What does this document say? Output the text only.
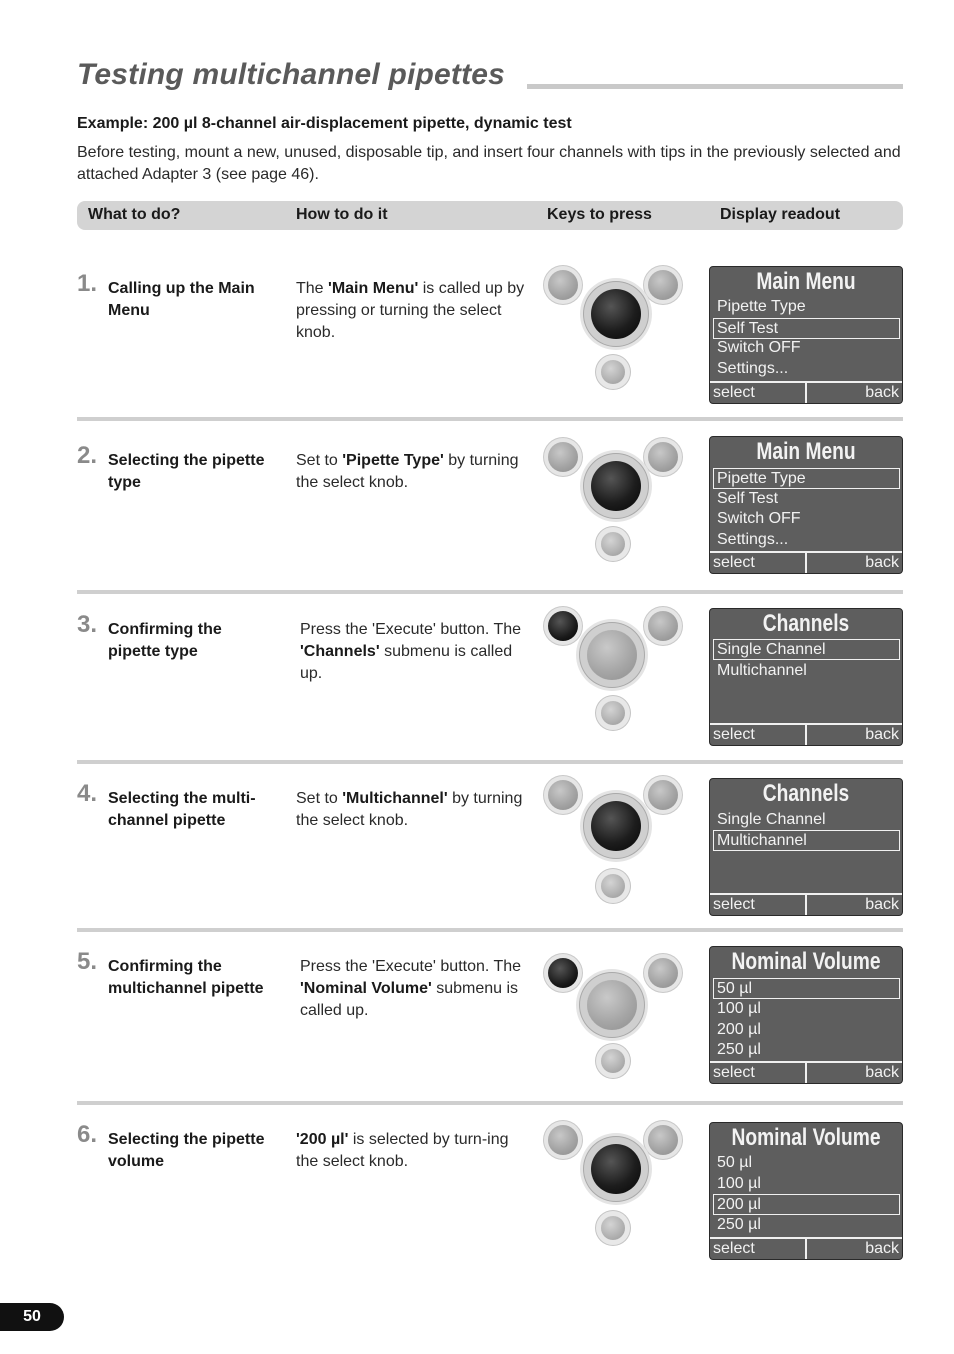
Testing multichannel pipettes
Example: 200 µl 8-channel air-displacement pipette, dynamic test
Before testing, mount a new, unused, disposable tip, and insert four channels with tips in the previously selected and attached Adapter 3 (see page 46).
What to do?	How to do it	Keys to press	Display readout
1. Calling up the Main Menu
The 'Main Menu' is called up by pressing or turning the select knob.
Main Menu
Pipette Type
Self Test
Switch OFF
Settings...
select	back
2. Selecting the pipette type
Set to 'Pipette Type' by turning the select knob.
Main Menu
Pipette Type
Self Test
Switch OFF
Settings...
select	back
3. Confirming the pipette type
Press the 'Execute' button. The 'Channels' submenu is called up.
Channels
Single Channel
Multichannel
select	back
4. Selecting the multi-channel pipette
Set to 'Multichannel' by turning the select knob.
Channels
Single Channel
Multichannel
select	back
5. Confirming the multichannel pipette
Press the 'Execute' button. The 'Nominal Volume' submenu is called up.
Nominal Volume
50 µl
100 µl
200 µl
250 µl
select	back
6. Selecting the pipette volume
'200 µl' is selected by turn-ing the select knob.
Nominal Volume
50 µl
100 µl
200 µl
250 µl
select	back
50
